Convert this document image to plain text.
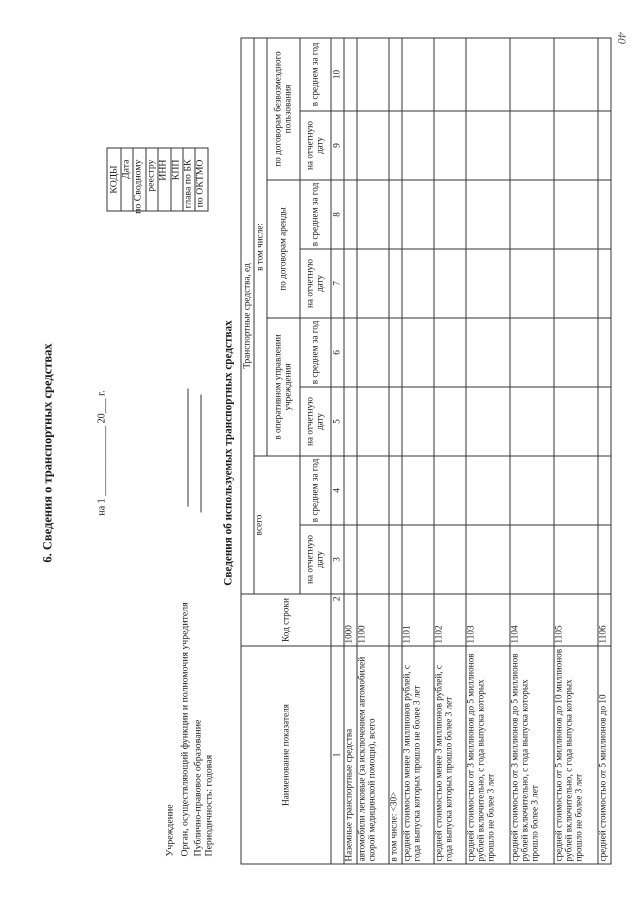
40
6. Сведения о транспортных средствах	на 1 ______________ 20___ г.
Учреждение Орган, осуществляющий функции и полномочия учредителя Публично-правовое образование Периодичность: годовая
Дата по Сводному реестру ИНН КПП глава по БК по ОКТМО
КОДЫ

Сведения об используемых транспортных средствах
Наименование показателя	Код строки	Транспортные средства, ед							
		всего		в том числе:					
				в оперативном управлении учреждения		по договорам аренды		по договорам безвозмездного пользования	
		на отчетную дату	в среднем за год	на отчетную дату	в среднем за год	на отчетную дату	в среднем за год	на отчетную дату	в среднем за год
1	2	3	4	5	6	7	8	9	10
Наземные транспортные средства	1000								
автомобили легковые (за исключением автомобилей скорой медицинской помощи), всего	1100								
в том числе: <30>									
средней стоимостью менее 3 миллионов рублей, с года выпуска которых прошло не более 3 лет	1101								
средней стоимостью менее 3 миллионов рублей, с года выпуска которых прошло более 3 лет	1102								
средней стоимостью от 3 миллионов до 5 миллионов рублей включительно, с года выпуска которых прошло не более 3 лет	1103								
средней стоимостью от 3 миллионов до 5 миллионов рублей включительно, с года выпуска которых прошло более 3 лет	1104								
средней стоимостью от 5 миллионов до 10 миллионов рублей включительно, с года выпуска которых прошло не более 3 лет	1105								
средней стоимостью от 5 миллионов до 10	1106								
